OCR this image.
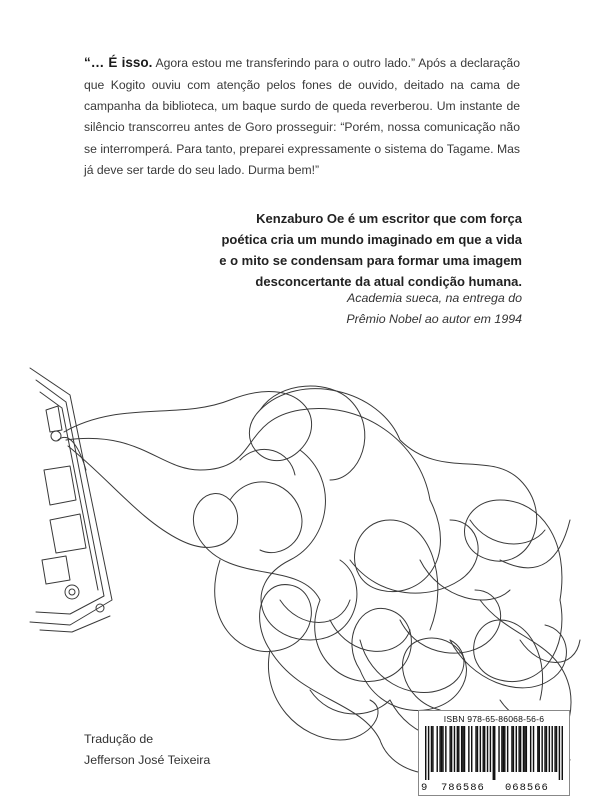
“… É isso. Agora estou me transferindo para o outro lado.” Após a declaração que Kogito ouviu com atenção pelos fones de ouvido, deitado na cama de campanha da biblioteca, um baque surdo de queda reverberou. Um instante de silêncio transcorreu antes de Goro prosseguir: “Porém, nossa comunicação não se interromperá. Para tanto, preparei expressamente o sistema do Tagame. Mas já deve ser tarde do seu lado. Durma bem!”

Kenzaburo Oe é um escritor que com força
poética cria um mundo imaginado em que a vida
e o mito se condensam para formar uma imagem
desconcertante da atual condição humana.
Academia sueca, na entrega do
Prêmio Nobel ao autor em 1994
Tradução de
Jefferson José Teixeira
ISBN 978-65-86068-56-6
9 786586 068566
